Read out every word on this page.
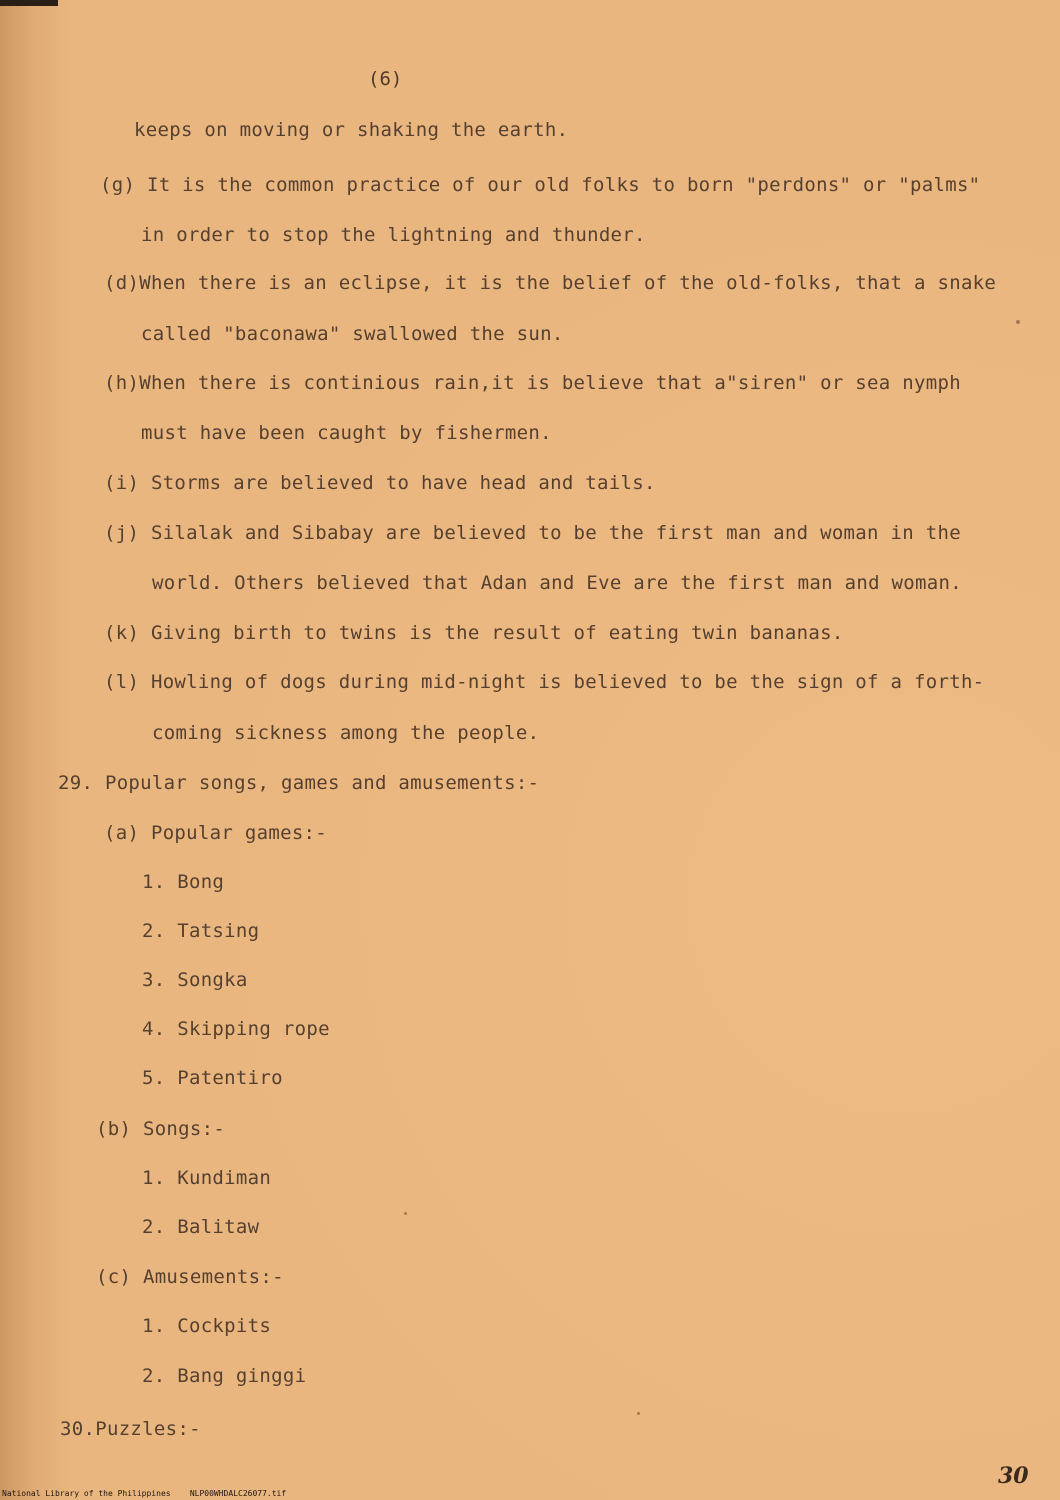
(6)
keeps on moving or shaking the earth.
(g) It is the common practice of our old folks to born "perdons" or "palms"
in order to stop the lightning and thunder.
(d)When there is an eclipse, it is the belief of the old-folks, that a snake
called "baconawa" swallowed the sun.
(h)When there is continious rain,it is believe that a"siren" or sea nymph
must have been caught by fishermen.
(i) Storms are believed to have head and tails.
(j) Silalak and Sibabay are believed to be the first man and woman in the
world. Others believed that Adan and Eve are the first man and woman.
(k) Giving birth to twins is the result of eating twin bananas.
(l) Howling of dogs during mid-night is believed to be the sign of a forth-
coming sickness among the people.
29. Popular songs, games and amusements:-
(a) Popular games:-
1. Bong
2. Tatsing
3. Songka
4. Skipping rope
5. Patentiro
(b) Songs:-
1. Kundiman
2. Balitaw
(c) Amusements:-
1. Cockpits
2. Bang ginggi
30.Puzzles:-
30
National Library of the Philippines    NLP00WHDALC26077.tif
